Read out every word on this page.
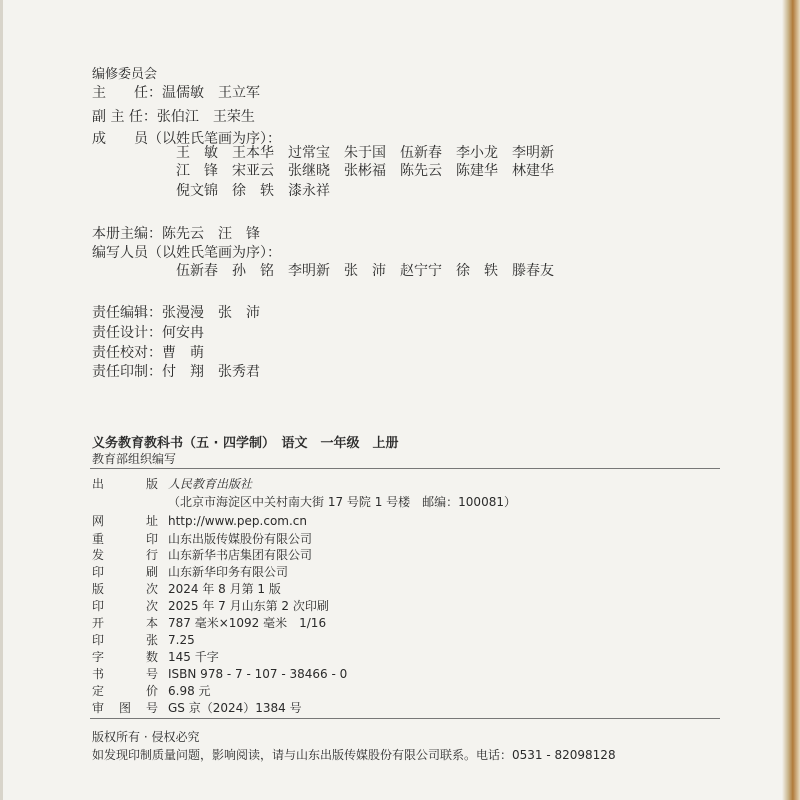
编修委员会
主　　任：温儒敏　王立军
副 主 任：张伯江　王荣生
成　　员（以姓氏笔画为序）：
王　敏　王本华　过常宝　朱于国　伍新春　李小龙　李明新
江　锋　宋亚云　张继晓　张彬福　陈先云　陈建华　林建华
倪文锦　徐　轶　漆永祥
本册主编：陈先云　汪　锋
编写人员（以姓氏笔画为序）：
伍新春　孙　铭　李明新　张　沛　赵宁宁　徐　轶　滕春友
责任编辑：张漫漫　张　沛
责任设计：何安冉
责任校对：曹　萌
责任印制：付　翔　张秀君
义务教育教科书（五 · 四学制）　语文　一年级　上册
教育部组织编写
出版 人民教育出版社
（北京市海淀区中关村南大街 17 号院 1 号楼　邮编：100081）
网址 http://www.pep.com.cn
重印 山东出版传媒股份有限公司
发行 山东新华书店集团有限公司
印刷 山东新华印务有限公司
版次 2024 年 8 月第 1 版
印次 2025 年 7 月山东第 2 次印刷
开本 787 毫米×1092 毫米　1/16
印张 7.25
字数 145 千字
书号 ISBN 978 - 7 - 107 - 38466 - 0
定价 6.98 元
审图号 GS 京（2024）1384 号
版权所有 · 侵权必究
如发现印制质量问题，影响阅读，请与山东出版传媒股份有限公司联系。电话：0531 - 82098128
